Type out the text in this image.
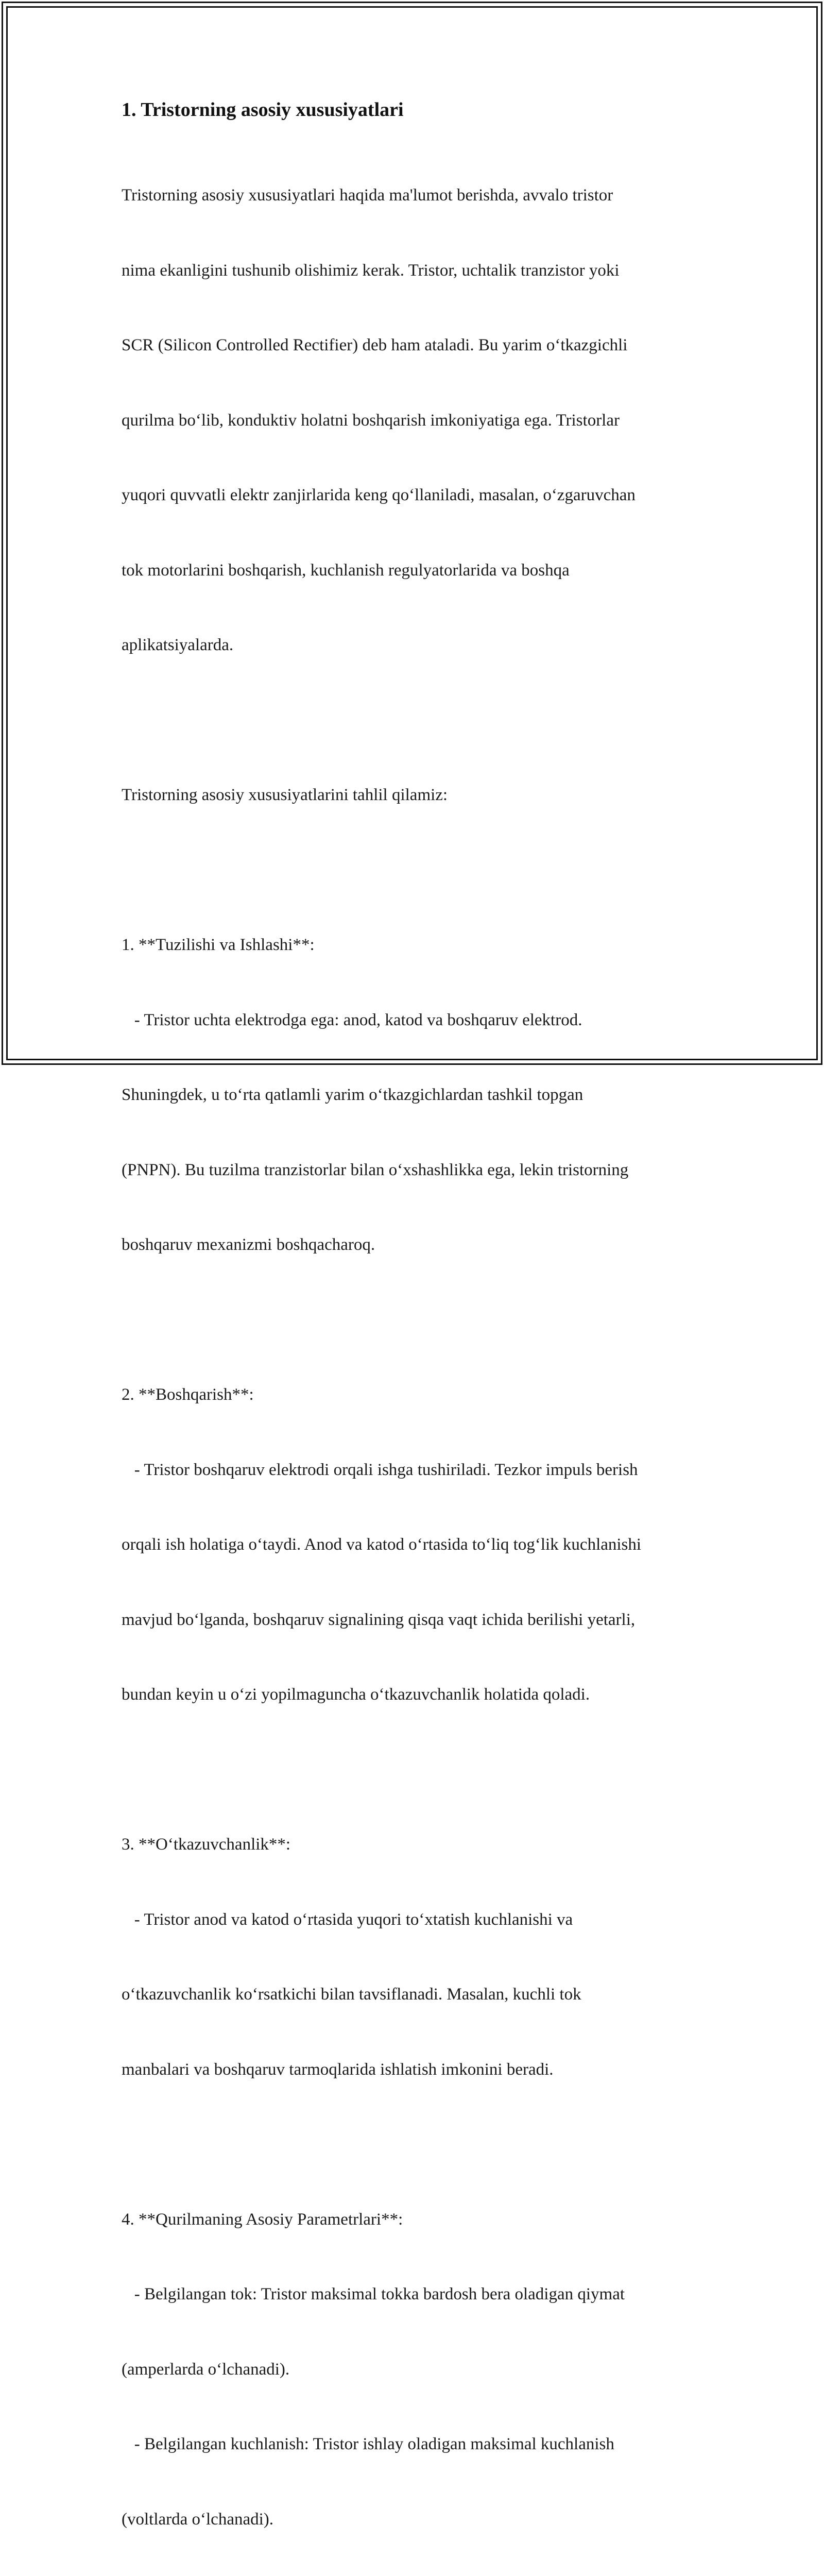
1. Tristorning asosiy xususiyatlari

Tristorning asosiy xususiyatlari haqida ma'lumot berishda, avvalo tristor

nima ekanligini tushunib olishimiz kerak. Tristor, uchtalik tranzistor yoki

SCR (Silicon Controlled Rectifier) deb ham ataladi. Bu yarim o‘tkazgichli

qurilma bo‘lib, konduktiv holatni boshqarish imkoniyatiga ega. Tristorlar

yuqori quvvatli elektr zanjirlarida keng qo‘llaniladi, masalan, o‘zgaruvchan

tok motorlarini boshqarish, kuchlanish regulyatorlarida va boshqa

aplikatsiyalarda.

Tristorning asosiy xususiyatlarini tahlil qilamiz:

1. **Tuzilishi va Ishlashi**:

- Tristor uchta elektrodga ega: anod, katod va boshqaruv elektrod.

Shuningdek, u to‘rta qatlamli yarim o‘tkazgichlardan tashkil topgan

(PNPN). Bu tuzilma tranzistorlar bilan o‘xshashlikka ega, lekin tristorning

boshqaruv mexanizmi boshqacharoq.

2. **Boshqarish**:

- Tristor boshqaruv elektrodi orqali ishga tushiriladi. Tezkor impuls berish

orqali ish holatiga o‘taydi. Anod va katod o‘rtasida to‘liq tog‘lik kuchlanishi

mavjud bo‘lganda, boshqaruv signalining qisqa vaqt ichida berilishi yetarli,

bundan keyin u o‘zi yopilmaguncha o‘tkazuvchanlik holatida qoladi.

3. **O‘tkazuvchanlik**:

- Tristor anod va katod o‘rtasida yuqori to‘xtatish kuchlanishi va

o‘tkazuvchanlik ko‘rsatkichi bilan tavsiflanadi. Masalan, kuchli tok

manbalari va boshqaruv tarmoqlarida ishlatish imkonini beradi.

4. **Qurilmaning Asosiy Parametrlari**:

- Belgilangan tok: Tristor maksimal tokka bardosh bera oladigan qiymat

(amperlarda o‘lchanadi).

- Belgilangan kuchlanish: Tristor ishlay oladigan maksimal kuchlanish

(voltlarda o‘lchanadi).
